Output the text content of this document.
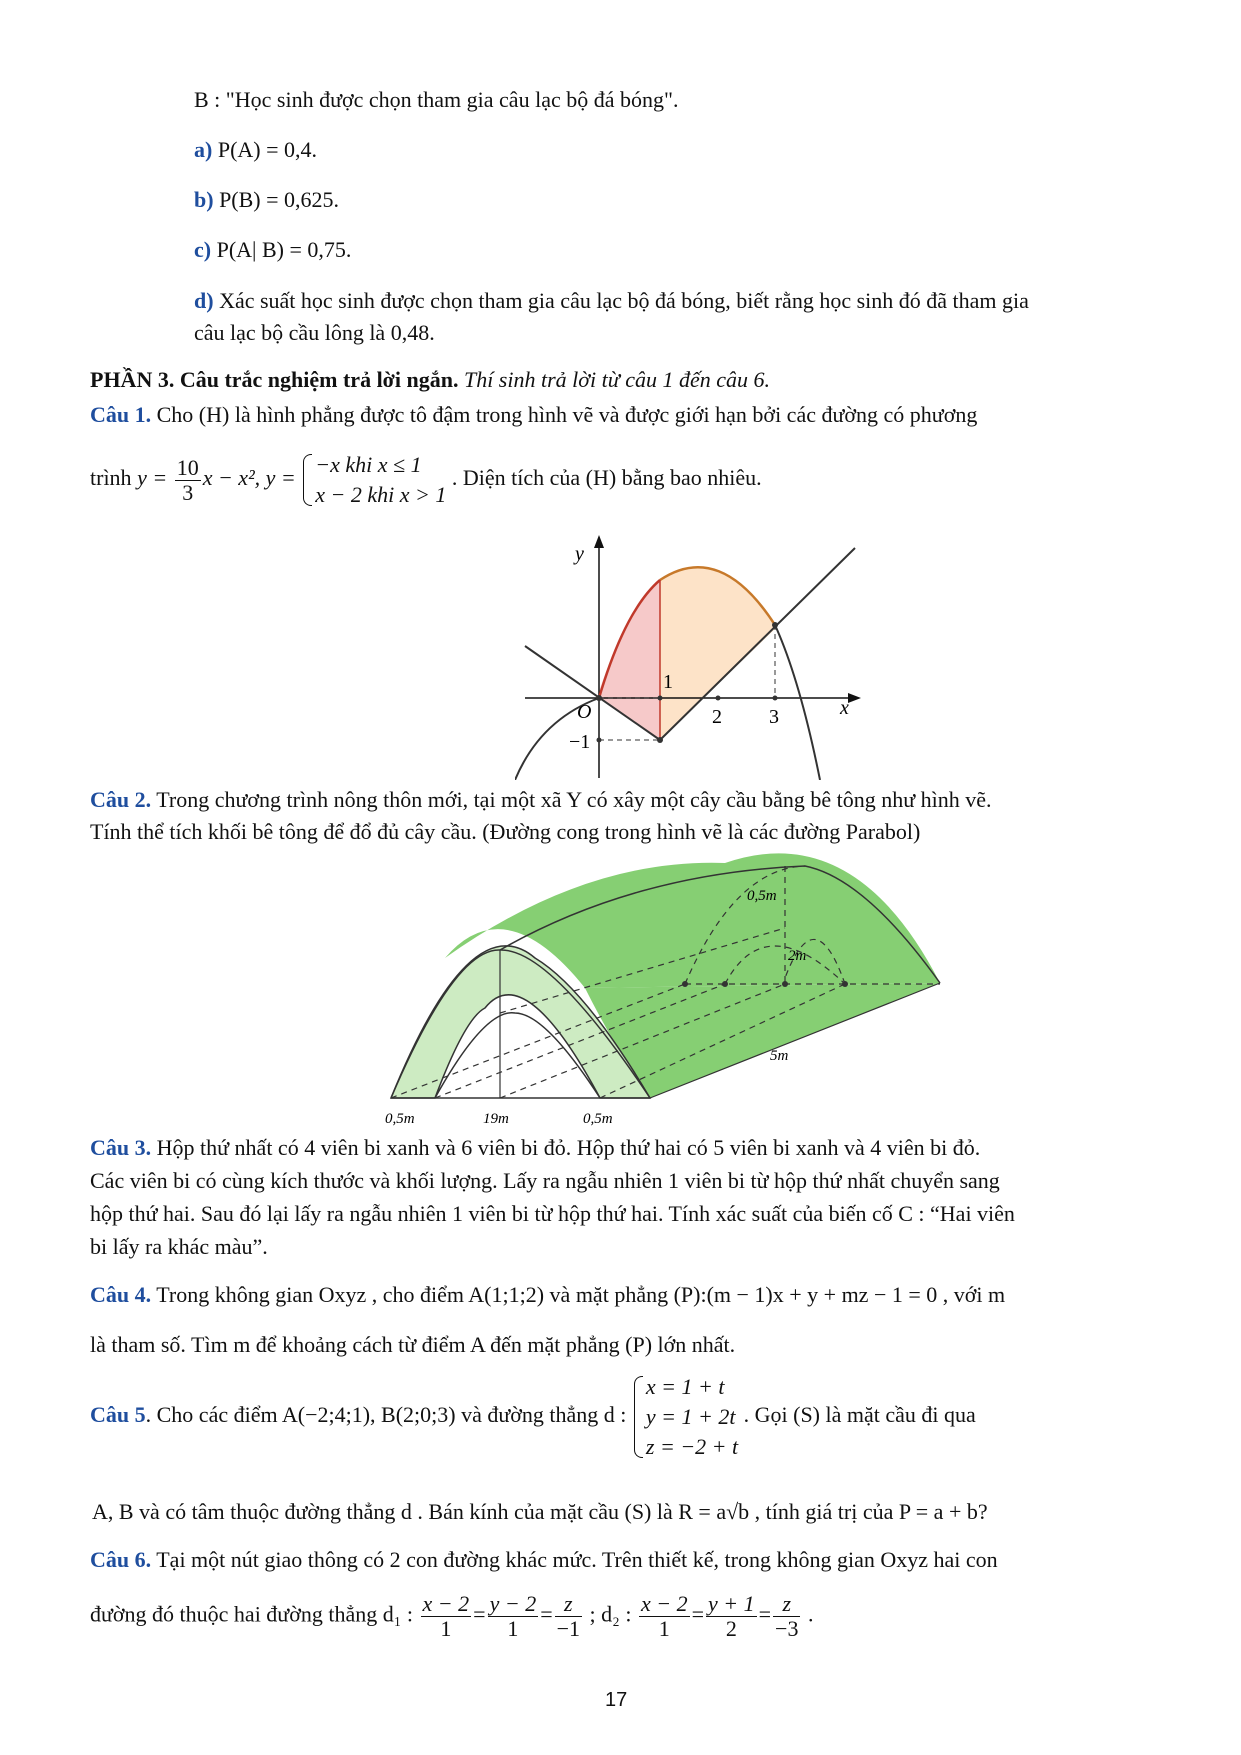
B : "Học sinh được chọn tham gia câu lạc bộ đá bóng".
a) P(A) = 0,4.
b) P(B) = 0,625.
c) P(A| B) = 0,75.
d) Xác suất học sinh được chọn tham gia câu lạc bộ đá bóng, biết rằng học sinh đó đã tham gia
câu lạc bộ cầu lông là 0,48.
PHẦN 3. Câu trắc nghiệm trả lời ngắn. Thí sinh trả lời từ câu 1 đến câu 6.
Câu 1. Cho (H) là hình phẳng được tô đậm trong hình vẽ và được giới hạn bởi các đường có phương
trình $y = \frac{10}{3}$ x − x², y =
−x khi x ≤ 1
x − 2 khi x > 1
. Diện tích của (H) bằng bao nhiêu.
y
x
O
1
−1
2 3
Câu 2. Trong chương trình nông thôn mới, tại một xã Y có xây một cây cầu bằng bê tông như hình vẽ.
Tính thể tích khối bê tông để đổ đủ cây cầu. (Đường cong trong hình vẽ là các đường Parabol)
0,5m
2m
5m
0,5m	19m	0,5m
Câu 3. Hộp thứ nhất có 4 viên bi xanh và 6 viên bi đỏ. Hộp thứ hai có 5 viên bi xanh và 4 viên bi đỏ.
Các viên bi có cùng kích thước và khối lượng. Lấy ra ngẫu nhiên 1 viên bi từ hộp thứ nhất chuyển sang
hộp thứ hai. Sau đó lại lấy ra ngẫu nhiên 1 viên bi từ hộp thứ hai. Tính xác suất của biến cố C : “Hai viên
bi lấy ra khác màu”.
Câu 4. Trong không gian Oxyz , cho điểm A(1;1;2) và mặt phẳng (P):(m − 1)x + y + mz − 1 = 0 , với m
là tham số. Tìm m để khoảng cách từ điểm A đến mặt phẳng (P) lớn nhất.
Câu 5. Cho các điểm A(−2;4;1), B(2;0;3) và đường thẳng d :
x = 1 + t
y = 1 + 2t
z = −2 + t
. Gọi (S) là mặt cầu đi qua
A, B và có tâm thuộc đường thẳng d . Bán kính của mặt cầu (S) là R = a√b , tính giá trị của P = a + b?
Câu 6. Tại một nút giao thông có 2 con đường khác mức. Trên thiết kế, trong không gian Oxyz hai con
đường đó thuộc hai đường thẳng d₁ : $\frac{x - 2}{1} = \frac{y - 2}{1} = \frac{z}{-1}$ ; d₂ : $\frac{x - 2}{1} = \frac{y + 1}{2} = \frac{z}{-3}$ .
17
